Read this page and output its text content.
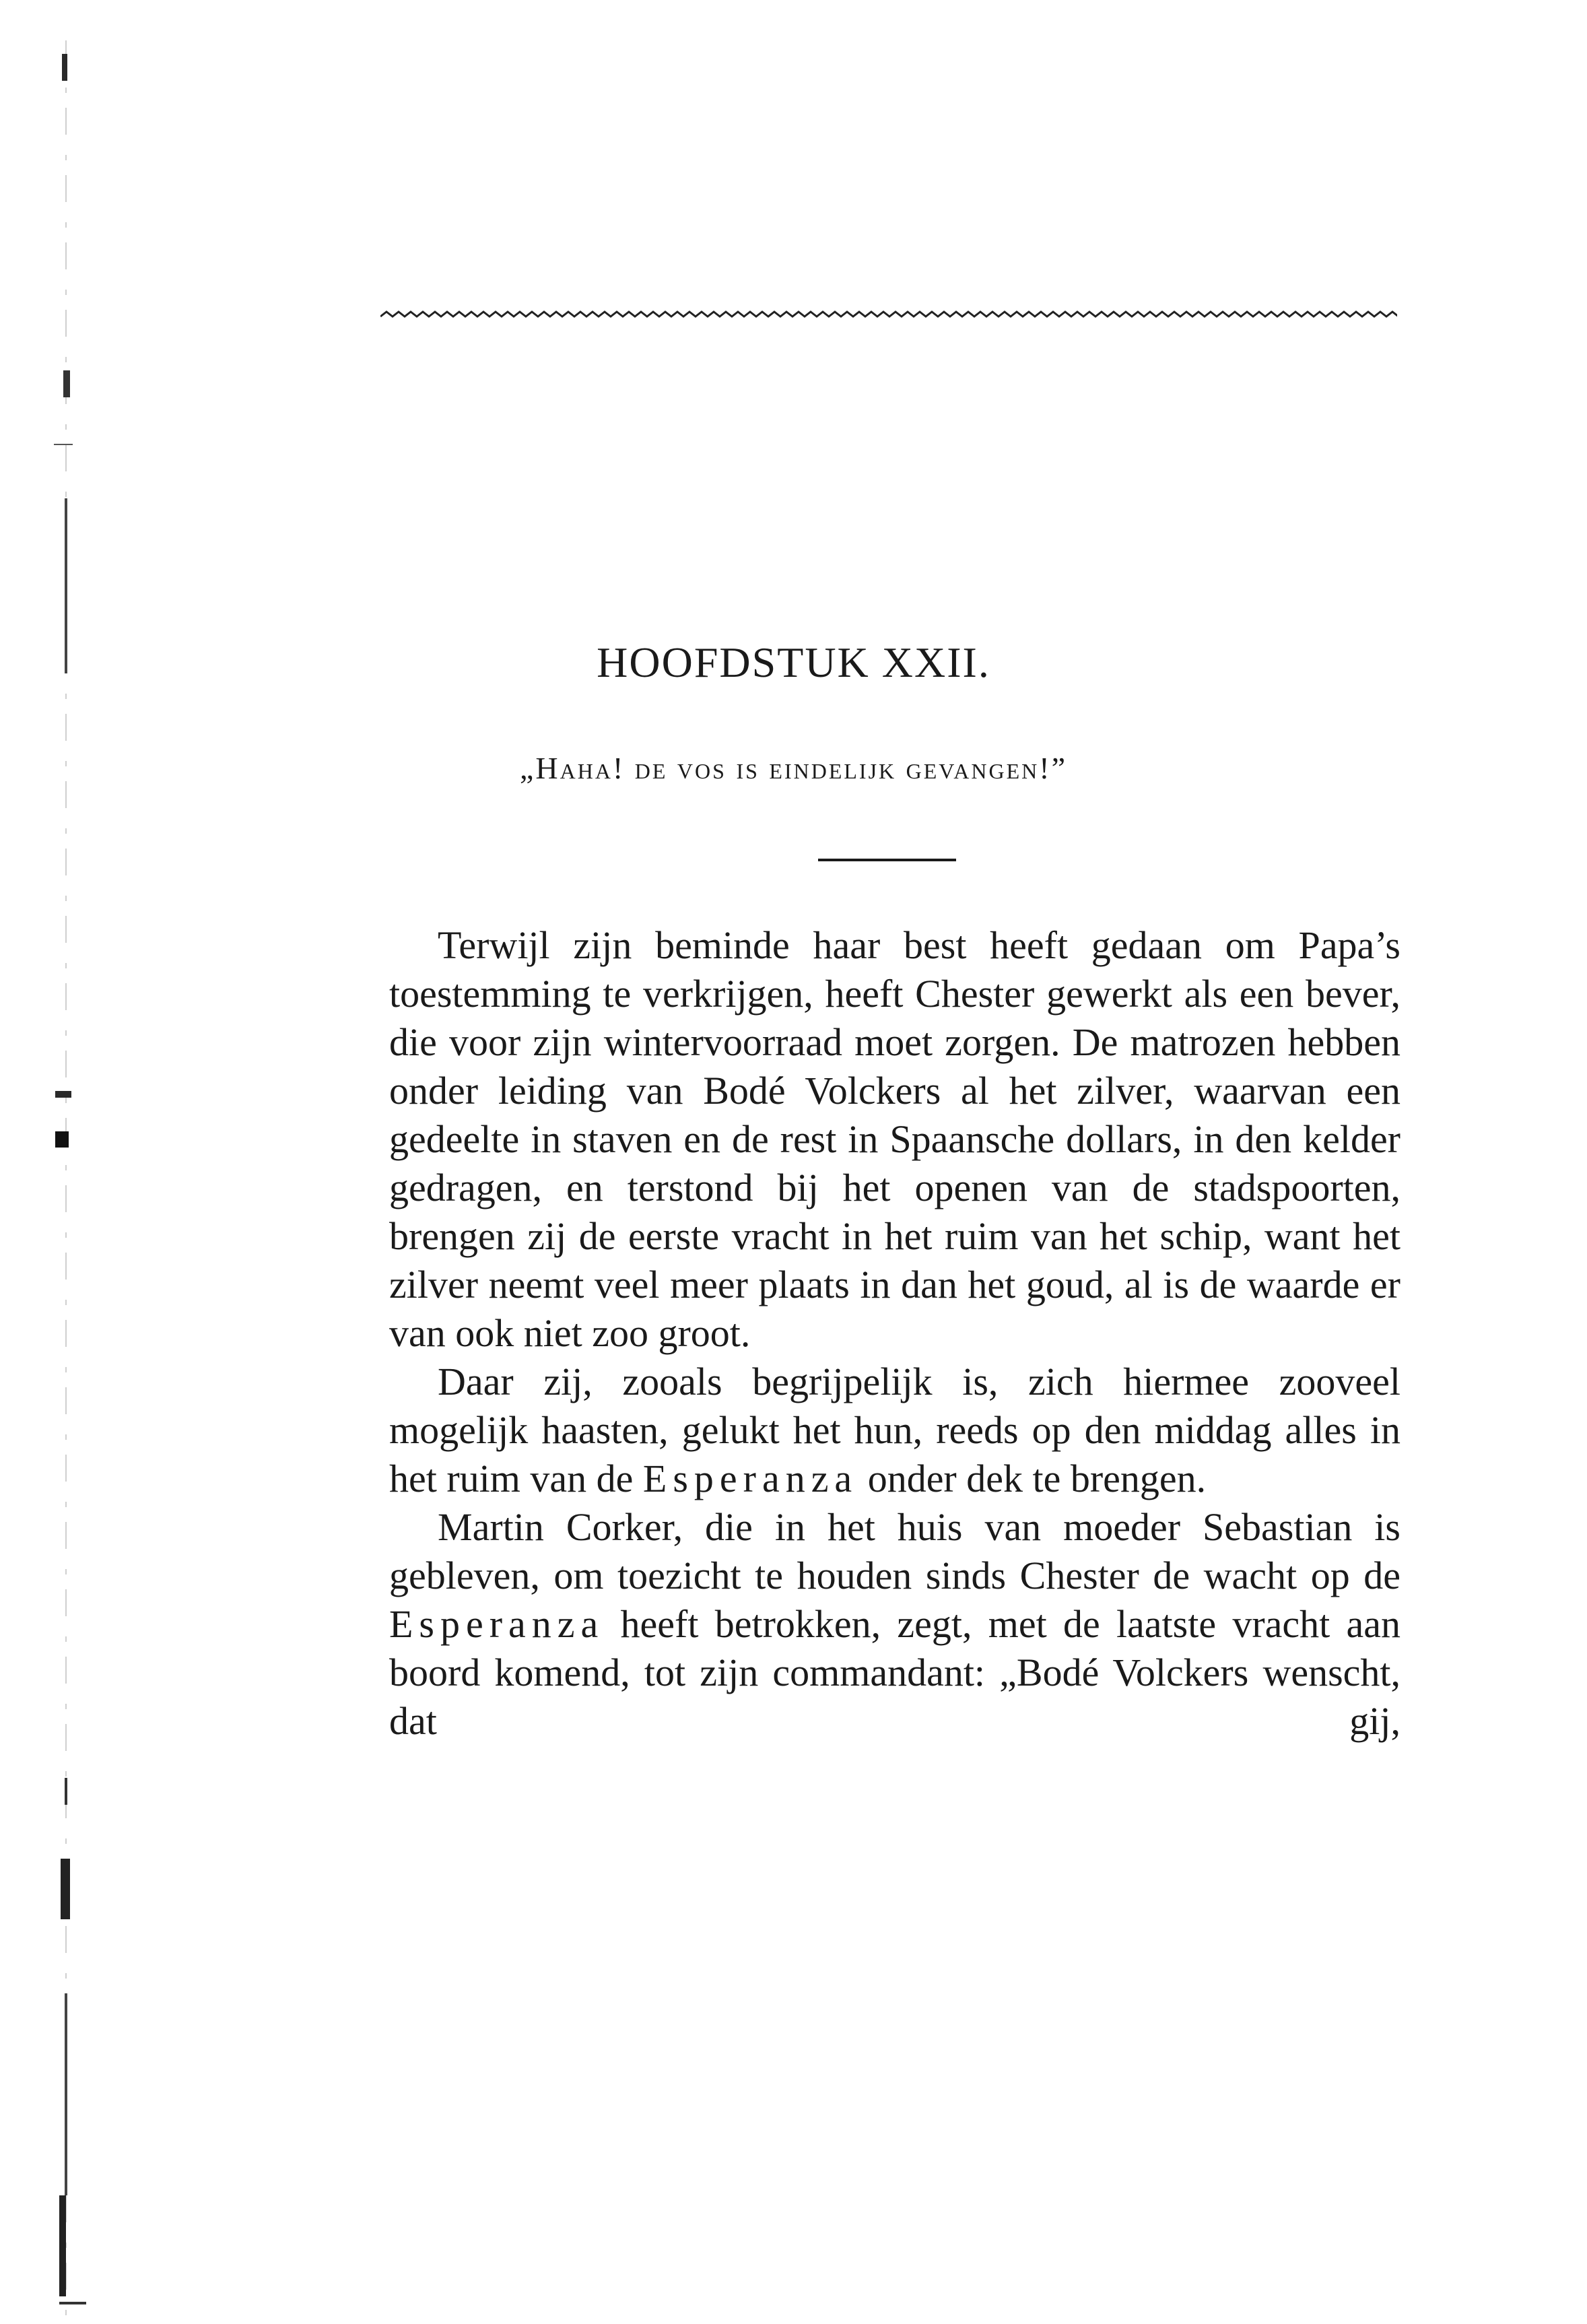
HOOFDSTUK XXII.
„Haha! de vos is eindelijk gevangen!”

Terwijl zijn beminde haar best heeft gedaan om Papa’s toestemming te verkrijgen, heeft Chester gewerkt als een bever, die voor zijn wintervoorraad moet zorgen. De matrozen hebben onder leiding van Bodé Volckers al het zilver, waarvan een gedeelte in staven en de rest in Spaansche dollars, in den kelder gedragen, en terstond bij het openen van de stadspoorten, brengen zij de eerste vracht in het ruim van het schip, want het zilver neemt veel meer plaats in dan het goud, al is de waarde er van ook niet zoo groot.

Daar zij, zooals begrijpelijk is, zich hiermee zooveel mogelijk haasten, gelukt het hun, reeds op den middag alles in het ruim van de Esperanza onder dek te brengen.

Martin Corker, die in het huis van moeder Sebastian is gebleven, om toezicht te houden sinds Chester de wacht op de Esperanza heeft betrokken, zegt, met de laatste vracht aan boord komend, tot zijn commandant: „Bodé Volckers wenscht, dat gij,
